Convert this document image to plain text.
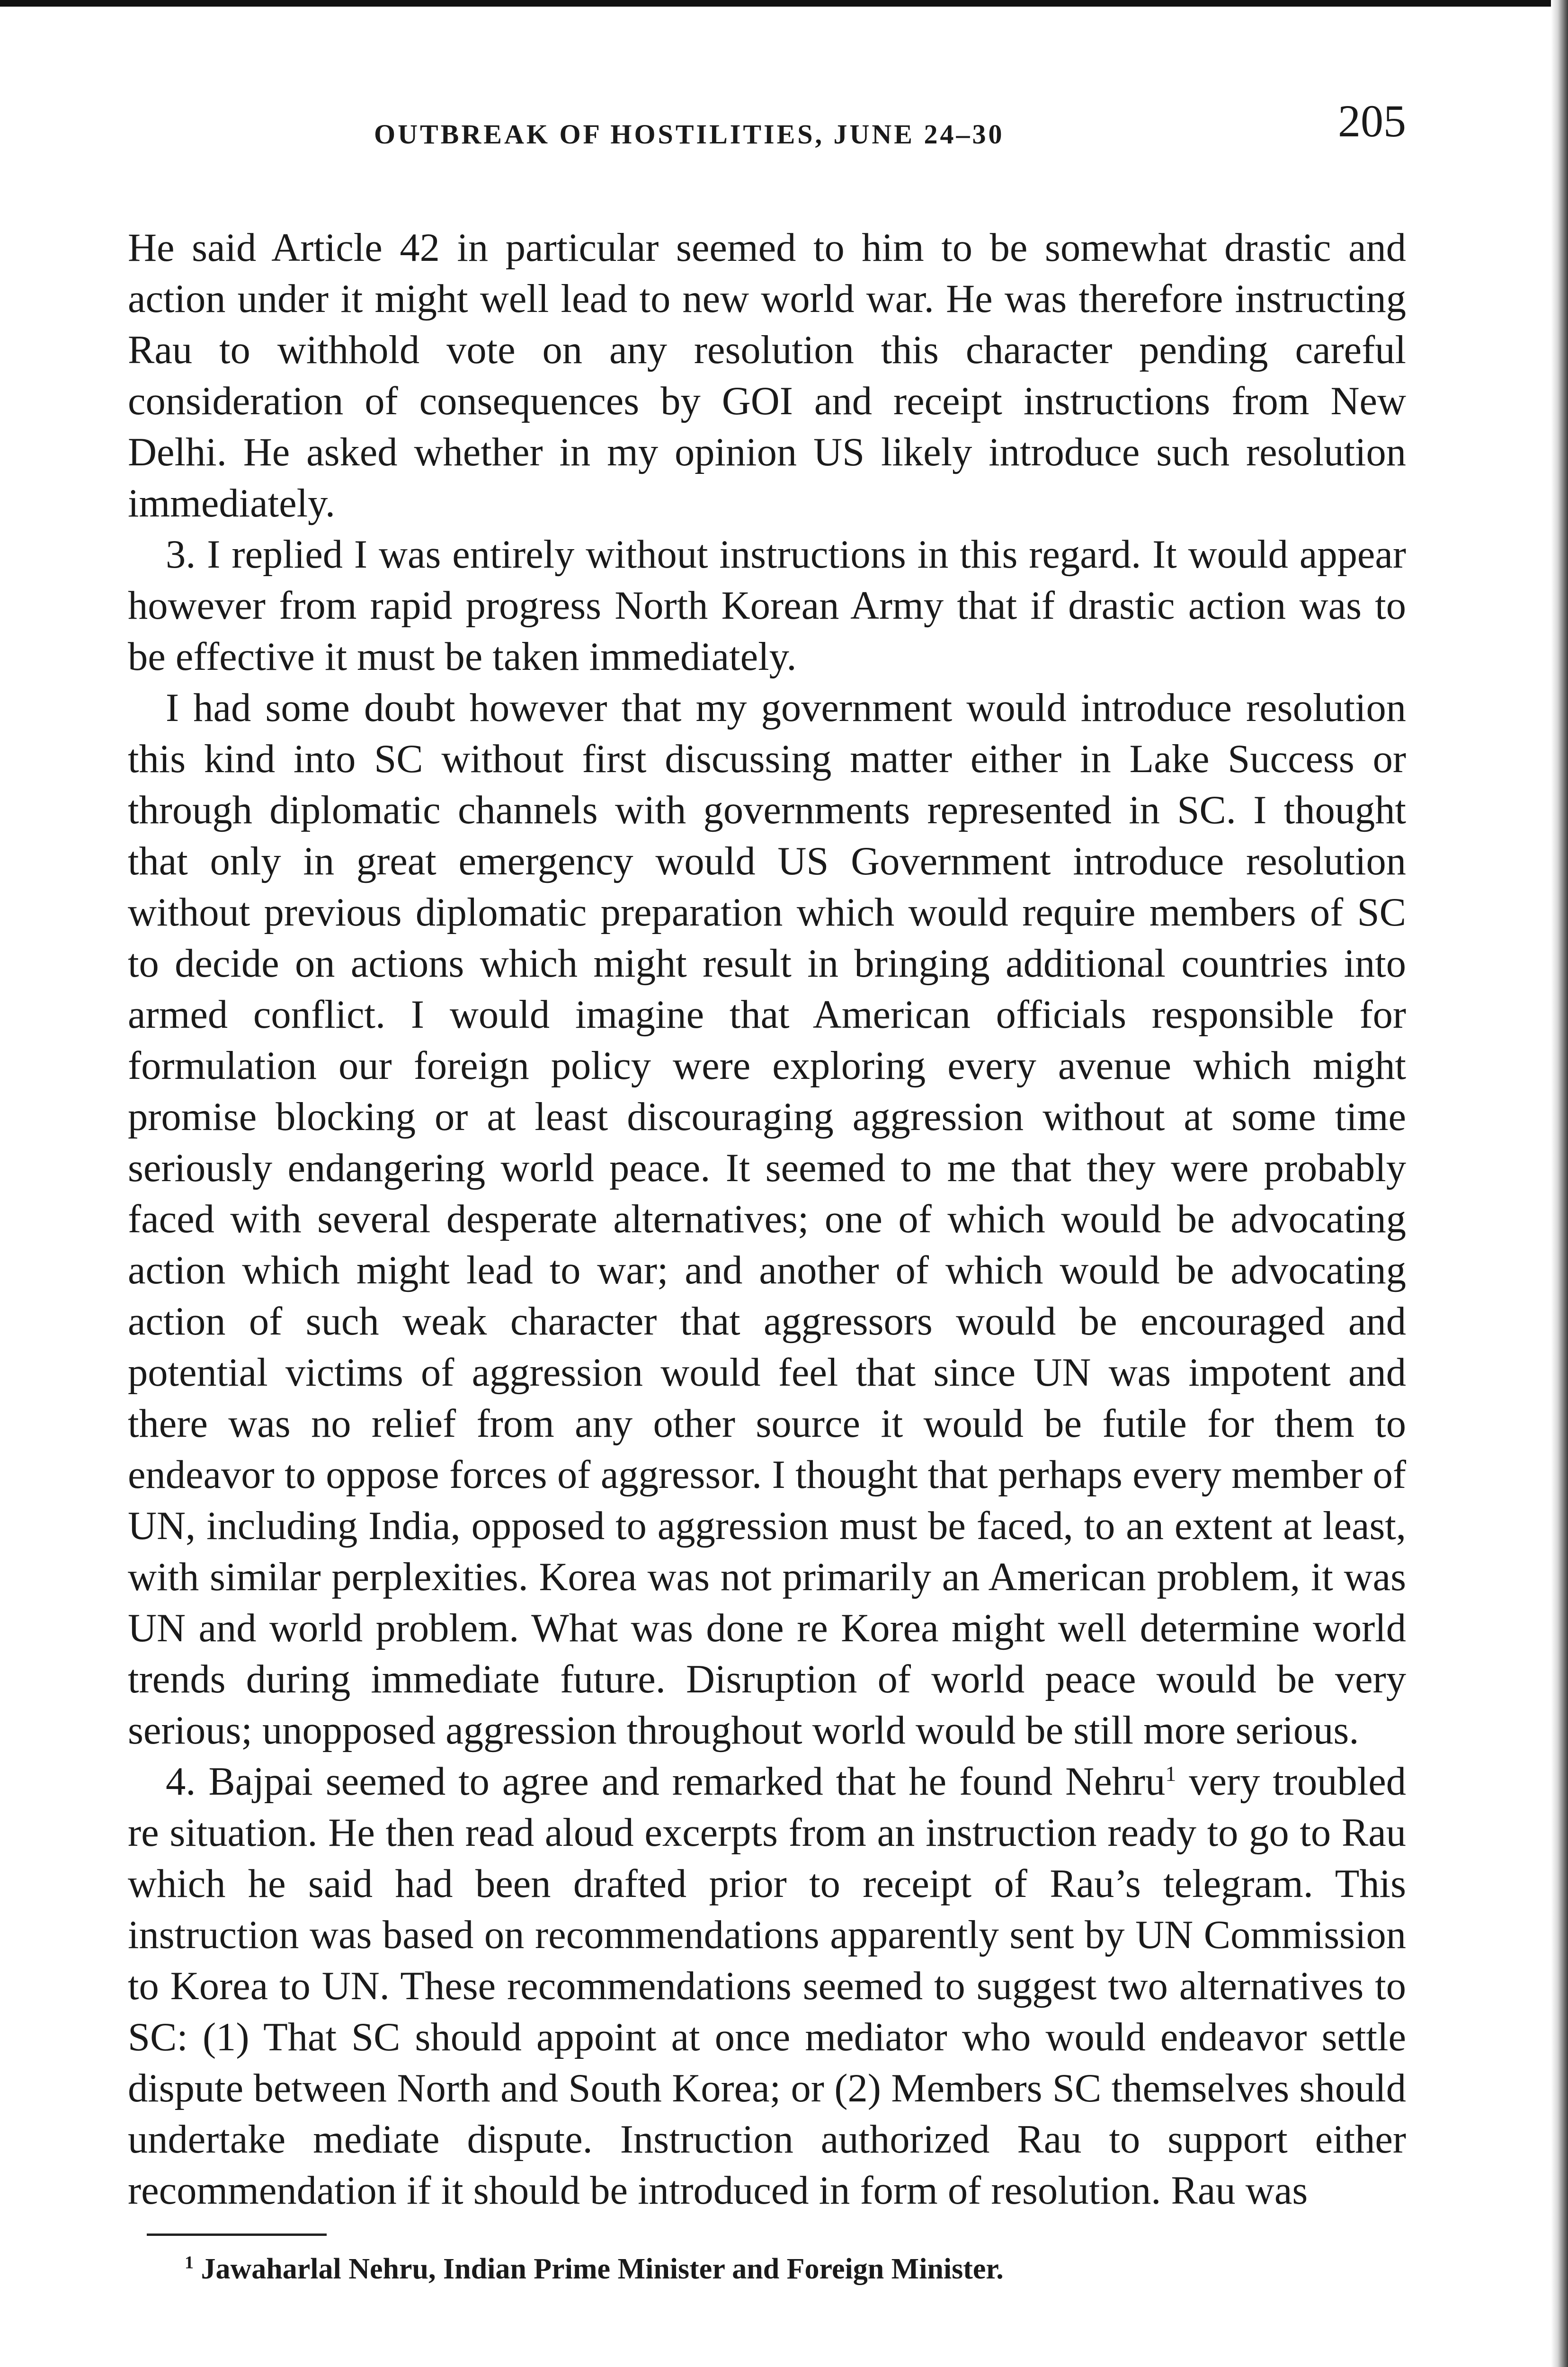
OUTBREAK OF HOSTILITIES, JUNE 24–30	205

He said Article 42 in particular seemed to him to be somewhat drastic and action under it might well lead to new world war. He was therefore instructing Rau to withhold vote on any resolution this character pending careful consideration of consequences by GOI and receipt instructions from New Delhi. He asked whether in my opinion US likely introduce such resolution immediately.

3. I replied I was entirely without instructions in this regard. It would appear however from rapid progress North Korean Army that if drastic action was to be effective it must be taken immediately.

I had some doubt however that my government would introduce resolution this kind into SC without first discussing matter either in Lake Success or through diplomatic channels with governments represented in SC. I thought that only in great emergency would US Government introduce resolution without previous diplomatic preparation which would require members of SC to decide on actions which might result in bringing additional countries into armed conflict. I would imagine that American officials responsible for formulation our foreign policy were exploring every avenue which might promise blocking or at least discouraging aggression without at some time seriously endangering world peace. It seemed to me that they were probably faced with several desperate alternatives; one of which would be advocating action which might lead to war; and another of which would be advocating action of such weak character that aggressors would be encouraged and potential victims of aggression would feel that since UN was impotent and there was no relief from any other source it would be futile for them to endeavor to oppose forces of aggressor. I thought that perhaps every member of UN, including India, opposed to aggression must be faced, to an extent at least, with similar perplexities. Korea was not primarily an American problem, it was UN and world problem. What was done re Korea might well determine world trends during immediate future. Disruption of world peace would be very serious; unopposed aggression throughout world would be still more serious.

4. Bajpai seemed to agree and remarked that he found Nehru$^1$ very troubled re situation. He then read aloud excerpts from an instruction ready to go to Rau which he said had been drafted prior to receipt of Rau’s telegram. This instruction was based on recommendations apparently sent by UN Commission to Korea to UN. These recommendations seemed to suggest two alternatives to SC: (1) That SC should appoint at once mediator who would endeavor settle dispute between North and South Korea; or (2) Members SC themselves should undertake mediate dispute. Instruction authorized Rau to support either recommendation if it should be introduced in form of resolution. Rau was

$^1$ Jawaharlal Nehru, Indian Prime Minister and Foreign Minister.
